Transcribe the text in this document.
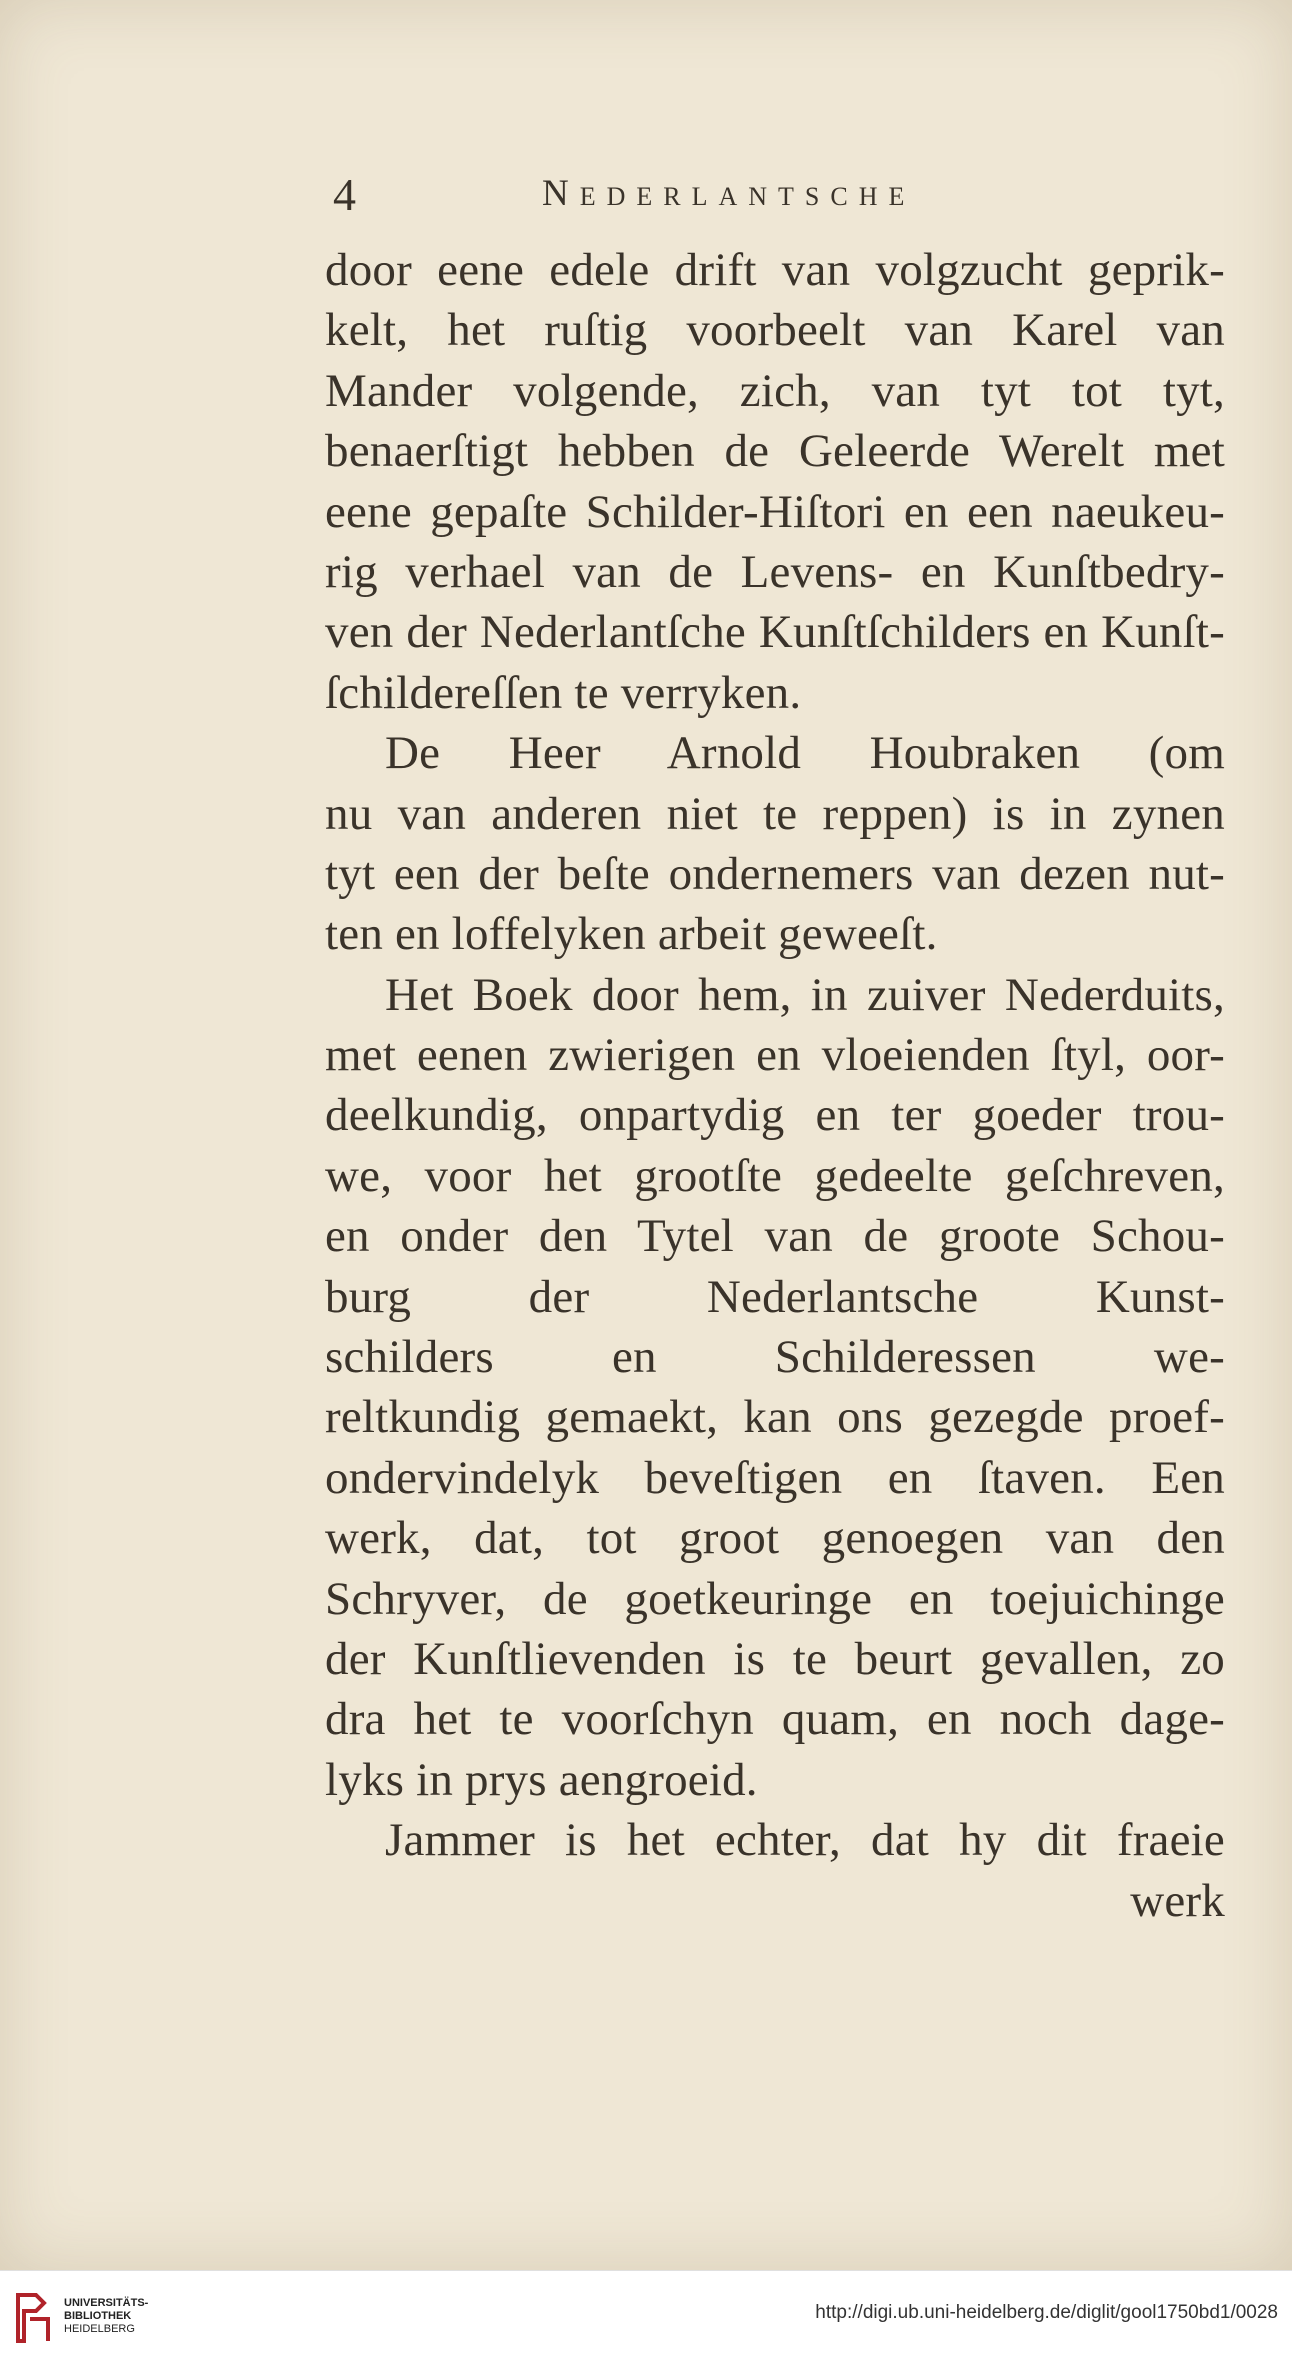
4	Nederlantsche
door eene edele drift van volgzucht geprik-
kelt, het ruſtig voorbeelt van Karel van
Mander volgende, zich, van tyt tot tyt,
benaerſtigt hebben de Geleerde Werelt met
eene gepaſte Schilder-Hiſtori en een naeukeu-
rig verhael van de Levens- en Kunſtbedry-
ven der Nederlantſche Kunſtſchilders en Kunſt-
ſchildereſſen te verryken.
De Heer Arnold Houbraken (om
nu van anderen niet te reppen) is in zynen
tyt een der beſte ondernemers van dezen nut-
ten en loffelyken arbeit geweeſt.
Het Boek door hem, in zuiver Nederduits,
met eenen zwierigen en vloeienden ſtyl, oor-
deelkundig, onpartydig en ter goeder trou-
we, voor het grootſte gedeelte geſchreven,
en onder den Tytel van de groote Schou-
burg der Nederlantsche Kunst-
schilders en Schilderessen we-
reltkundig gemaekt, kan ons gezegde proef-
ondervindelyk beveſtigen en ſtaven. Een
werk, dat, tot groot genoegen van den
Schryver, de goetkeuringe en toejuichinge
der Kunſtlievenden is te beurt gevallen, zo
dra het te voorſchyn quam, en noch dage-
lyks in prys aengroeid.
Jammer is het echter, dat hy dit fraeie
werk
UNIVERSITÄTS-
BIBLIOTHEK
HEIDELBERG
http://digi.ub.uni-heidelberg.de/diglit/gool1750bd1/0028
